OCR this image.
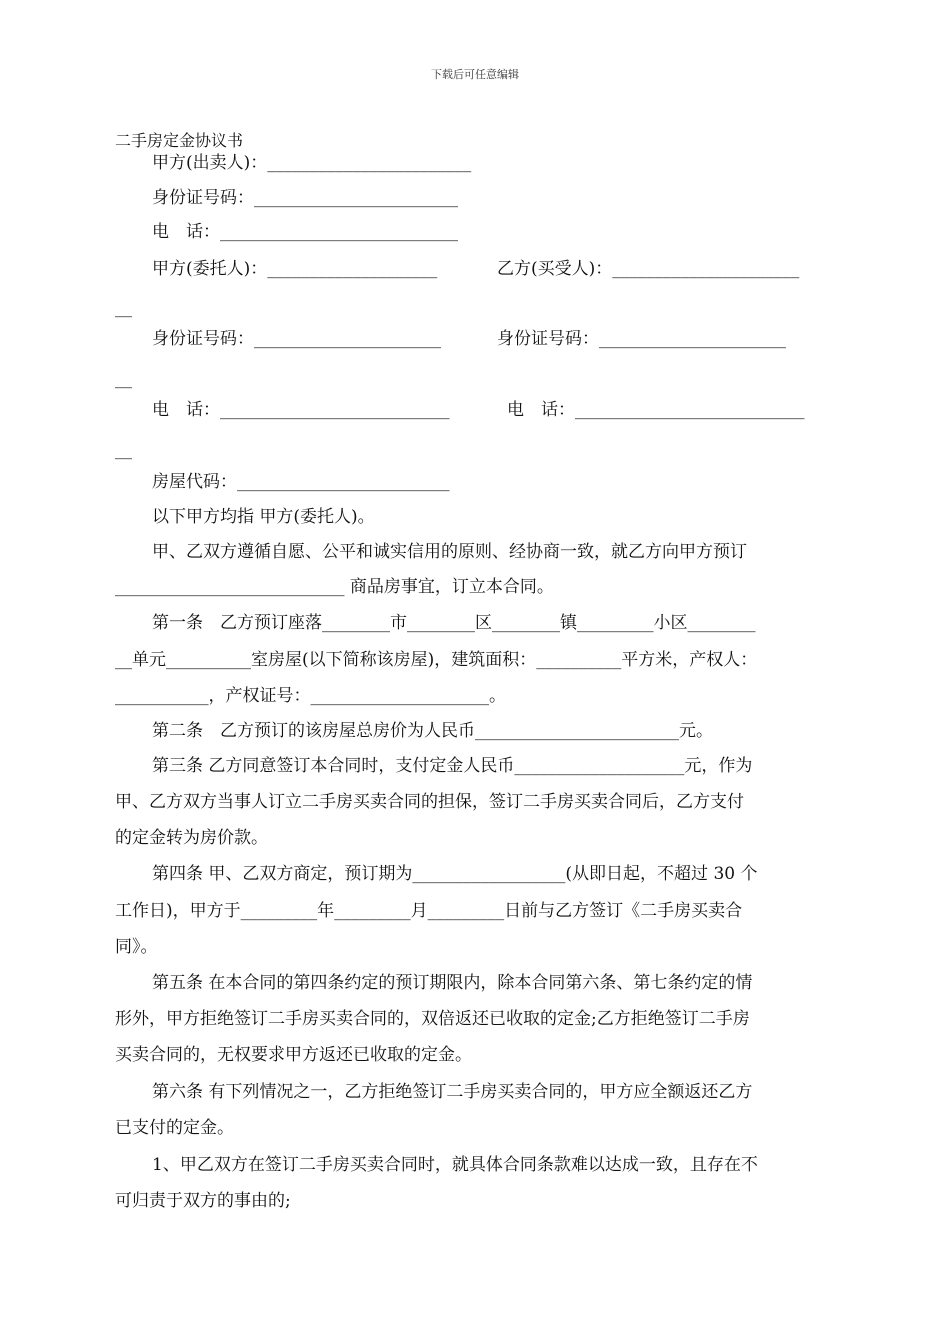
下载后可任意编辑
二手房定金协议书
甲方(出卖人)：________________________
身份证号码：________________________
电　话：____________________________
甲方(委托人)：____________________	乙方(买受人)：______________________
__
身份证号码：______________________	身份证号码：______________________
__
电　话：___________________________	电　话：___________________________
__
房屋代码：_________________________
以下甲方均指 甲方(委托人)。
甲、乙双方遵循自愿、公平和诚实信用的原则、经协商一致，就乙方向甲方预订
___________________________ 商品房事宜，订立本合同。
第一条　乙方预订座落________市________区________镇_________小区________
__单元__________室房屋(以下简称该房屋)，建筑面积：__________平方米，产权人：
___________，产权证号：_____________________。
第二条　乙方预订的该房屋总房价为人民币________________________元。
第三条 乙方同意签订本合同时，支付定金人民币____________________元，作为
甲、乙方双方当事人订立二手房买卖合同的担保，签订二手房买卖合同后，乙方支付
的定金转为房价款。
第四条 甲、乙双方商定，预订期为__________________(从即日起，不超过 30 个
工作日)，甲方于_________年_________月_________日前与乙方签订《二手房买卖合
同》。
第五条 在本合同的第四条约定的预订期限内，除本合同第六条、第七条约定的情
形外，甲方拒绝签订二手房买卖合同的，双倍返还已收取的定金;乙方拒绝签订二手房
买卖合同的，无权要求甲方返还已收取的定金。
第六条 有下列情况之一，乙方拒绝签订二手房买卖合同的，甲方应全额返还乙方
已支付的定金。
1、甲乙双方在签订二手房买卖合同时，就具体合同条款难以达成一致，且存在不
可归责于双方的事由的;
